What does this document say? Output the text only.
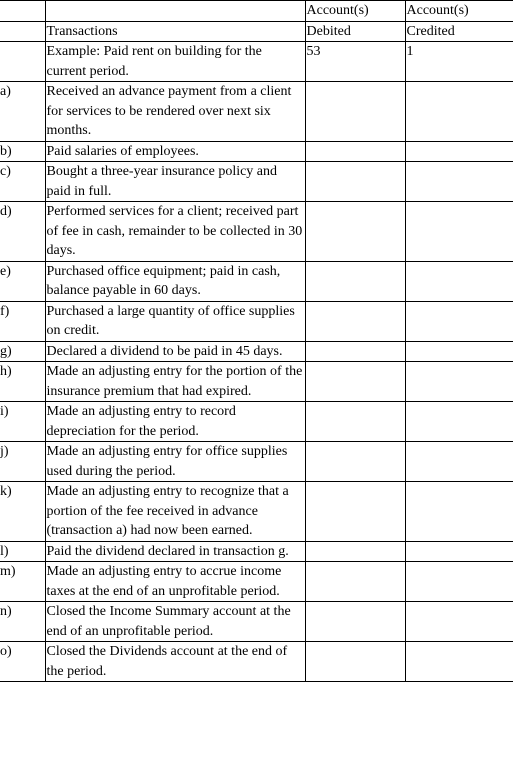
		Account(s)	Account(s)
	Transactions	Debited	Credited
	Example: Paid rent on building for the current period.	53	1
a)	Received an advance payment from a client for services to be rendered over next six months.		
b)	Paid salaries of employees.		
c)	Bought a three-year insurance policy and paid in full.		
d)	Performed services for a client; received part of fee in cash, remainder to be collected in 30 days.		
e)	Purchased office equipment; paid in cash, balance payable in 60 days.		
f)	Purchased a large quantity of office supplies on credit.		
g)	Declared a dividend to be paid in 45 days.		
h)	Made an adjusting entry for the portion of the insurance premium that had expired.		
i)	Made an adjusting entry to record depreciation for the period.		
j)	Made an adjusting entry for office supplies used during the period.		
k)	Made an adjusting entry to recognize that a portion of the fee received in advance (transaction a) had now been earned.		
l)	Paid the dividend declared in transaction g.		
m)	Made an adjusting entry to accrue income taxes at the end of an unprofitable period.		
n)	Closed the Income Summary account at the end of an unprofitable period.		
o)	Closed the Dividends account at the end of the period.		
